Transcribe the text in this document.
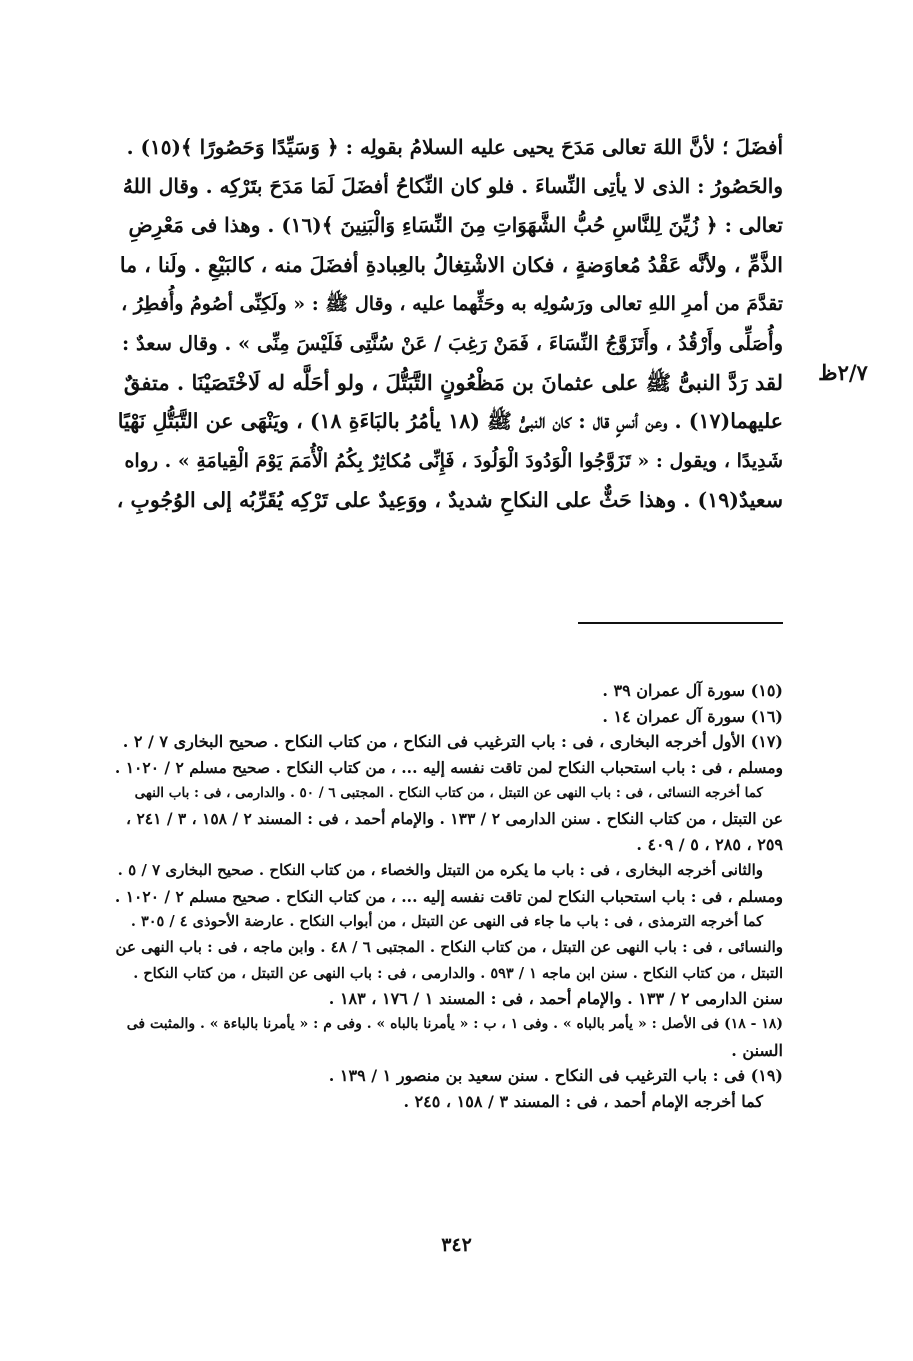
٢/٧ظ
أفضَلَ ؛ لأنَّ اللهَ تعالى مَدَحَ يحيى عليه السلامُ بقولِه : ﴿ وَسَيِّدًا وَحَصُورًا ﴾(١٥) .
والحَصُورُ : الذى لا يأتِى النِّساءَ . فلو كان النِّكاحُ أفضَلَ لَمَا مَدَحَ بتَرْكِه . وقال اللهُ
تعالى : ﴿ زُيِّنَ لِلنَّاسِ حُبُّ الشَّهَوَاتِ مِنَ النِّسَاءِ وَالْبَنِينَ ﴾(١٦) . وهذا فى مَعْرِضِ
الذَّمِّ ، ولأنَّه عَقْدُ مُعاوَضةٍ ، فكان الاشْتِغالُ بالعِبادةِ أفضَلَ منه ، كالبَيْعِ . ولَنا ، ما
تقدَّمَ من أمرِ اللهِ تعالى ورَسُولِه به وحَثِّهما عليه ، وقال ﷺ : « ولَكِنِّى أصُومُ وأُفطِرُ ،
وأُصَلِّى وأَرْقُدُ ، وأَتَزَوَّجُ النِّسَاءَ ، فَمَنْ رَغِبَ / عَنْ سُنَّتِى فَلَيْسَ مِنِّى » . وقال سعدٌ :
لقد رَدَّ النبىُّ ﷺ على عثمانَ بن مَظْعُونٍ التَّبَتُّلَ ، ولو أحَلَّه له لَاخْتَصَيْنَا . متفقٌ
عليهما(١٧) . وعن أنسٍ قال : كان النبىُّ ﷺ (١٨ يأمُرُ بالبَاءَةِ ١٨) ، ويَنْهَى عن التَّبَتُّلِ نَهْيًا
شَدِيدًا ، ويقول : « تَزَوَّجُوا الْوَدُودَ الْوَلُودَ ، فَإِنِّى مُكاثِرٌ بِكُمُ الْأُمَمَ يَوْمَ الْقِيامَةِ » . رواه
سعيدٌ(١٩) . وهذا حَثٌّ على النكاحِ شديدٌ ، ووَعِيدٌ على تَرْكِه يُقَرِّبُه إلى الوُجُوبِ ،
(١٥) سورة آل عمران ٣٩ .
(١٦) سورة آل عمران ١٤ .
(١٧) الأول أخرجه البخارى ، فى : باب الترغيب فى النكاح ، من كتاب النكاح . صحيح البخارى ٧ / ٢ .
ومسلم ، فى : باب استحباب النكاح لمن تاقت نفسه إليه ... ، من كتاب النكاح . صحيح مسلم ٢ / ١٠٢٠ .
كما أخرجه النسائى ، فى : باب النهى عن التبتل ، من كتاب النكاح . المجتبى ٦ / ٥٠ . والدارمى ، فى : باب النهى
عن التبتل ، من كتاب النكاح . سنن الدارمى ٢ / ١٣٣ . والإمام أحمد ، فى : المسند ٢ / ١٥٨ ، ٣ / ٢٤١ ،
٢٥٩ ، ٢٨٥ ، ٥ / ٤٠٩ .
والثانى أخرجه البخارى ، فى : باب ما يكره من التبتل والخصاء ، من كتاب النكاح . صحيح البخارى ٧ / ٥ .
ومسلم ، فى : باب استحباب النكاح لمن تاقت نفسه إليه ... ، من كتاب النكاح . صحيح مسلم ٢ / ١٠٢٠ .
كما أخرجه الترمذى ، فى : باب ما جاء فى النهى عن التبتل ، من أبواب النكاح . عارضة الأحوذى ٤ / ٣٠٥ .
والنسائى ، فى : باب النهى عن التبتل ، من كتاب النكاح . المجتبى ٦ / ٤٨ . وابن ماجه ، فى : باب النهى عن
التبتل ، من كتاب النكاح . سنن ابن ماجه ١ / ٥٩٣ . والدارمى ، فى : باب النهى عن التبتل ، من كتاب النكاح .
سنن الدارمى ٢ / ١٣٣ . والإمام أحمد ، فى : المسند ١ / ١٧٦ ، ١٨٣ .
(١٨ - ١٨) فى الأصل : « يأمر بالباه » . وفى ١ ، ب : « يأمرنا بالباه » . وفى م : « يأمرنا بالباءة » . والمثبت فى
السنن .
(١٩) فى : باب الترغيب فى النكاح . سنن سعيد بن منصور ١ / ١٣٩ .
كما أخرجه الإمام أحمد ، فى : المسند ٣ / ١٥٨ ، ٢٤٥ .
٣٤٢
